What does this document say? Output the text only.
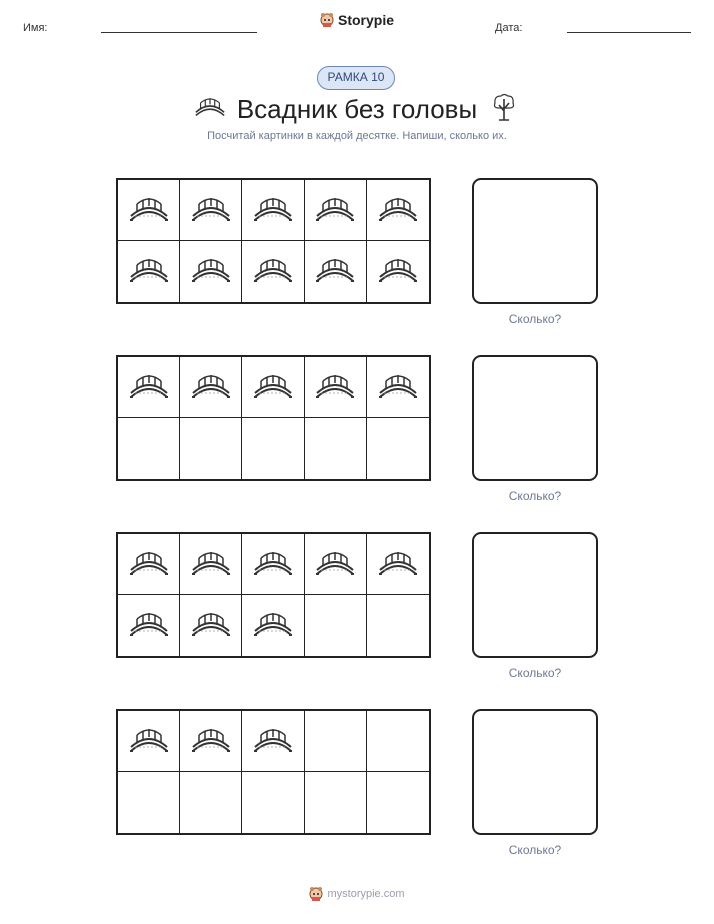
Имя:	Storypie	Дата:
РАМКА 10
Всадник без головы
Посчитай картинки в каждой десятке. Напиши, сколько их.
Сколько?
Сколько?
Сколько?
Сколько?
mystorypie.com
